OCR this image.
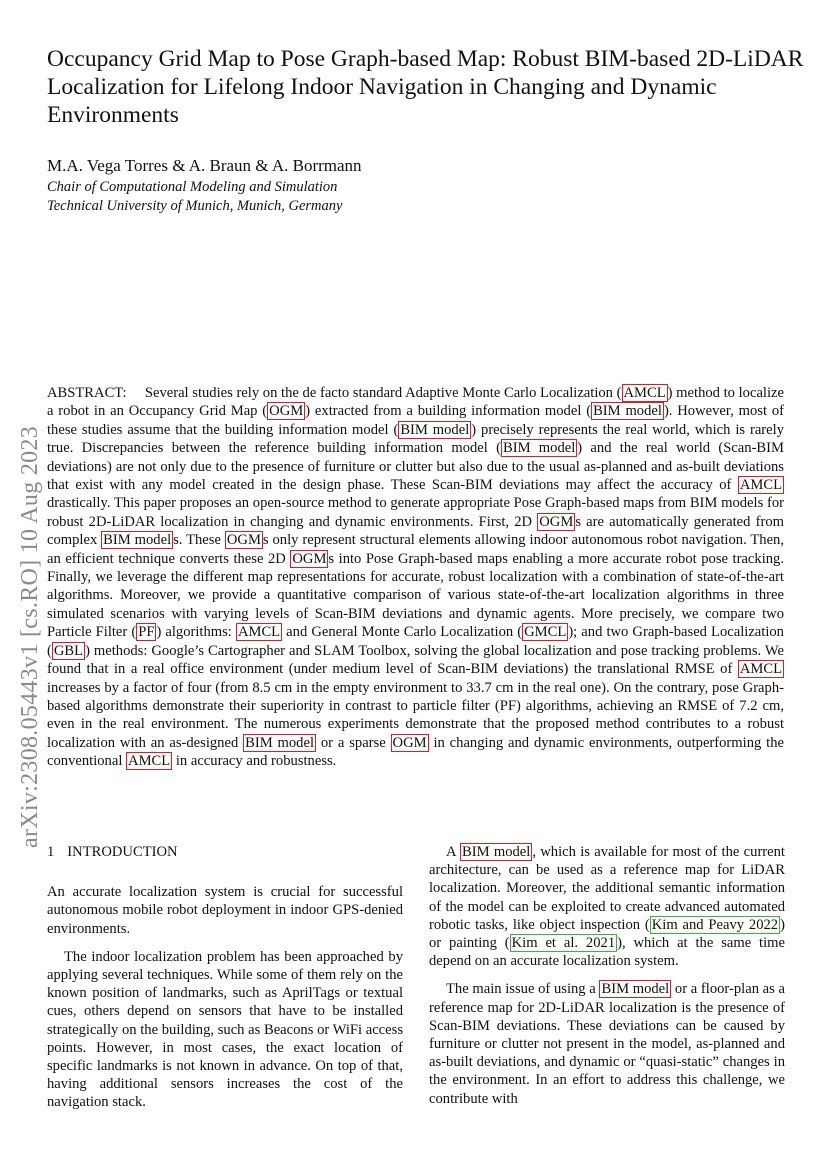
Occupancy Grid Map to Pose Graph-based Map: Robust BIM-based 2D-LiDAR Localization for Lifelong Indoor Navigation in Changing and Dynamic Environments
M.A. Vega Torres & A. Braun & A. Borrmann
Chair of Computational Modeling and Simulation
Technical University of Munich, Munich, Germany
arXiv:2308.05443v1 [cs.RO] 10 Aug 2023

ABSTRACT: Several studies rely on the de facto standard Adaptive Monte Carlo Localization ( AMCL ) method to localize a robot in an Occupancy Grid Map ( OGM ) extracted from a building information model ( BIM model ). However, most of these studies assume that the building information model ( BIM model ) precisely represents the real world, which is rarely true. Discrepancies between the reference building information model ( BIM model ) and the real world (Scan-BIM deviations) are not only due to the presence of furniture or clutter but also due to the usual as-planned and as-built deviations that exist with any model created in the design phase. These Scan-BIM deviations may affect the accuracy of AMCL drastically. This paper proposes an open-source method to generate appropriate Pose Graph-based maps from BIM models for robust 2D-LiDAR localization in changing and dynamic environments. First, 2D OGM s are automatically generated from complex BIM model s. These OGM s only represent structural elements allowing indoor autonomous robot navigation. Then, an efficient technique converts these 2D OGM s into Pose Graph-based maps enabling a more accurate robot pose tracking. Finally, we leverage the different map representations for accurate, robust localization with a combination of state-of-the-art algorithms. Moreover, we provide a quantitative comparison of various state-of-the-art localization algorithms in three simulated scenarios with varying levels of Scan-BIM deviations and dynamic agents. More precisely, we compare two Particle Filter ( PF ) algorithms: AMCL and General Monte Carlo Localization ( GMCL ); and two Graph-based Localization ( GBL ) methods: Google’s Cartographer and SLAM Toolbox, solving the global localization and pose tracking problems. We found that in a real office environment (under medium level of Scan-BIM deviations) the translational RMSE of AMCL increases by a factor of four (from 8.5 cm in the empty environment to 33.7 cm in the real one). On the contrary, pose Graph-based algorithms demonstrate their superiority in contrast to particle filter (PF) algorithms, achieving an RMSE of 7.2 cm, even in the real environment. The numerous experiments demonstrate that the proposed method contributes to a robust localization with an as-designed BIM model or a sparse OGM in changing and dynamic environments, outperforming the conventional AMCL in accuracy and robustness.

1 INTRODUCTION

An accurate localization system is crucial for successful autonomous mobile robot deployment in indoor GPS-denied environments.

The indoor localization problem has been approached by applying several techniques. While some of them rely on the known position of landmarks, such as AprilTags or textual cues, others depend on sensors that have to be installed strategically on the building, such as Beacons or WiFi access points. However, in most cases, the exact location of specific landmarks is not known in advance. On top of that, having additional sensors increases the cost of the navigation stack.

A BIM model , which is available for most of the current architecture, can be used as a reference map for LiDAR localization. Moreover, the additional semantic information of the model can be exploited to create advanced automated robotic tasks, like object inspection ( Kim and Peavy 2022 ) or painting ( Kim et al. 2021 ), which at the same time depend on an accurate localization system.

The main issue of using a BIM model or a floor-plan as a reference map for 2D-LiDAR localization is the presence of Scan-BIM deviations. These deviations can be caused by furniture or clutter not present in the model, as-planned and as-built deviations, and dynamic or “quasi-static” changes in the environment. In an effort to address this challenge, we contribute with
